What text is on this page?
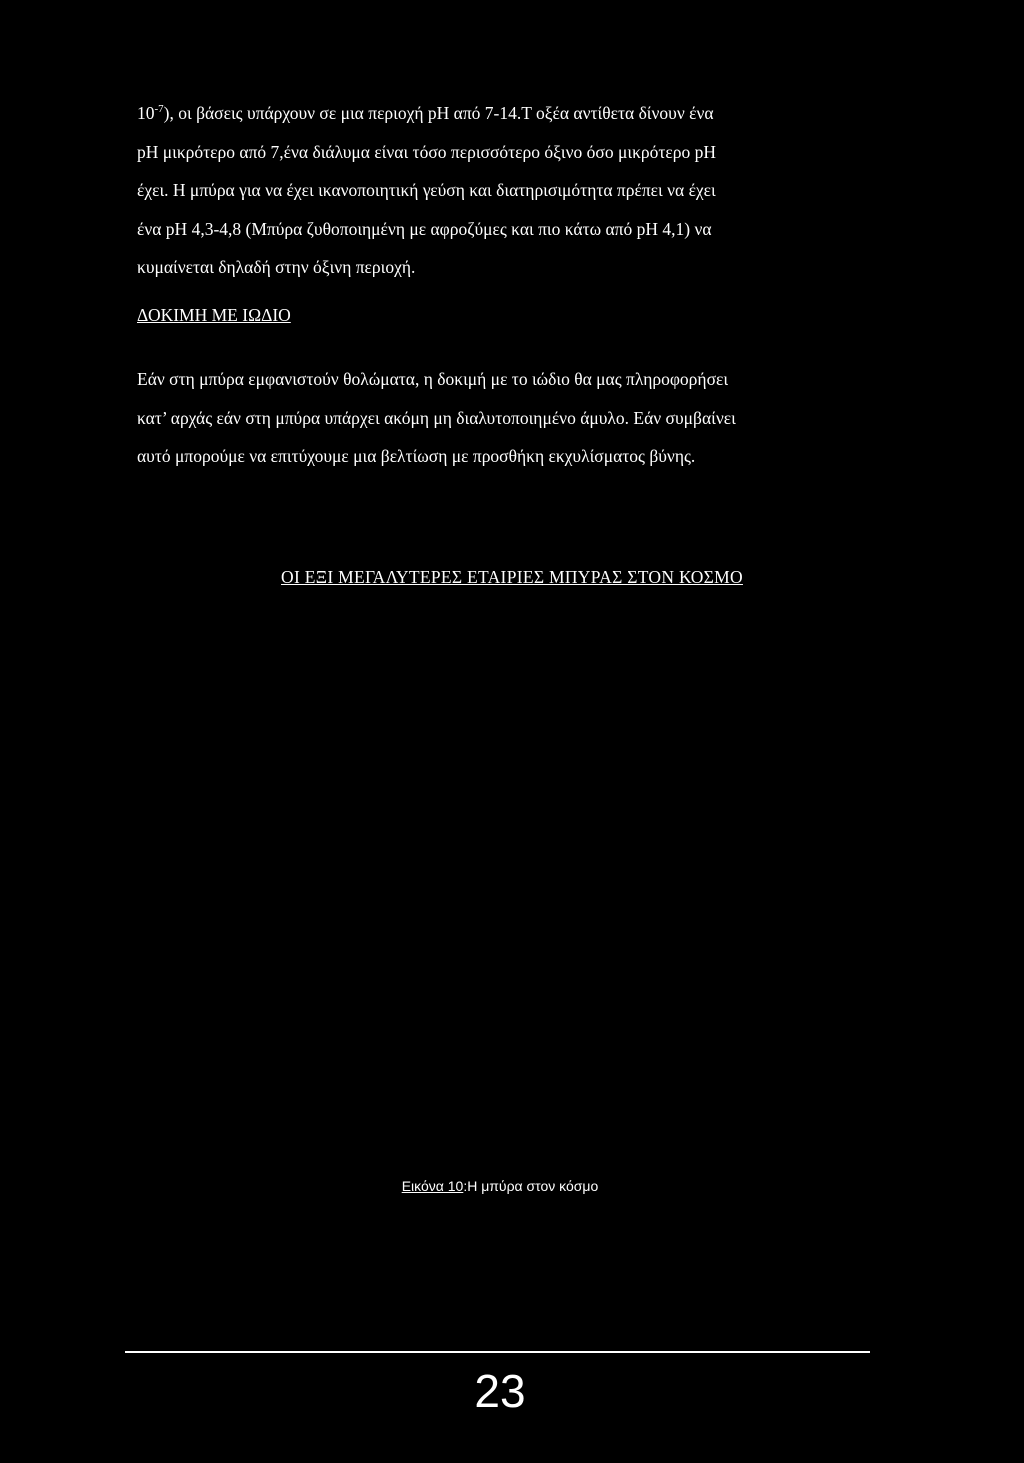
$10^{-7}$), οι βάσεις υπάρχουν σε μια περιοχή pH από 7-14.Τ οξέα αντίθετα δίνουν ένα
pH μικρότερο από 7,ένα διάλυμα είναι τόσο περισσότερο όξινο όσο μικρότερο pH
έχει. Η μπύρα για να έχει ικανοποιητική γεύση και διατηρισιμότητα πρέπει να έχει
ένα pH 4,3-4,8 (Μπύρα ζυθοποιημένη με αφροζύμες και πιο κάτω από pH 4,1) να
κυμαίνεται δηλαδή στην όξινη περιοχή.
ΔΟΚΙΜΗ ΜΕ ΙΩΔΙΟ
Εάν στη μπύρα εμφανιστούν θολώματα, η δοκιμή με το ιώδιο θα μας πληροφορήσει
κατ’ αρχάς εάν στη μπύρα υπάρχει ακόμη μη διαλυτοποιημένο άμυλο. Εάν συμβαίνει
αυτό μπορούμε να επιτύχουμε μια βελτίωση με προσθήκη εκχυλίσματος βύνης.
ΟΙ ΕΞΙ ΜΕΓΑΛΥΤΕΡΕΣ ΕΤΑΙΡΙΕΣ ΜΠΥΡΑΣ ΣΤΟΝ ΚΟΣΜΟ
Εικόνα 10:Η μπύρα στον κόσμο
23
